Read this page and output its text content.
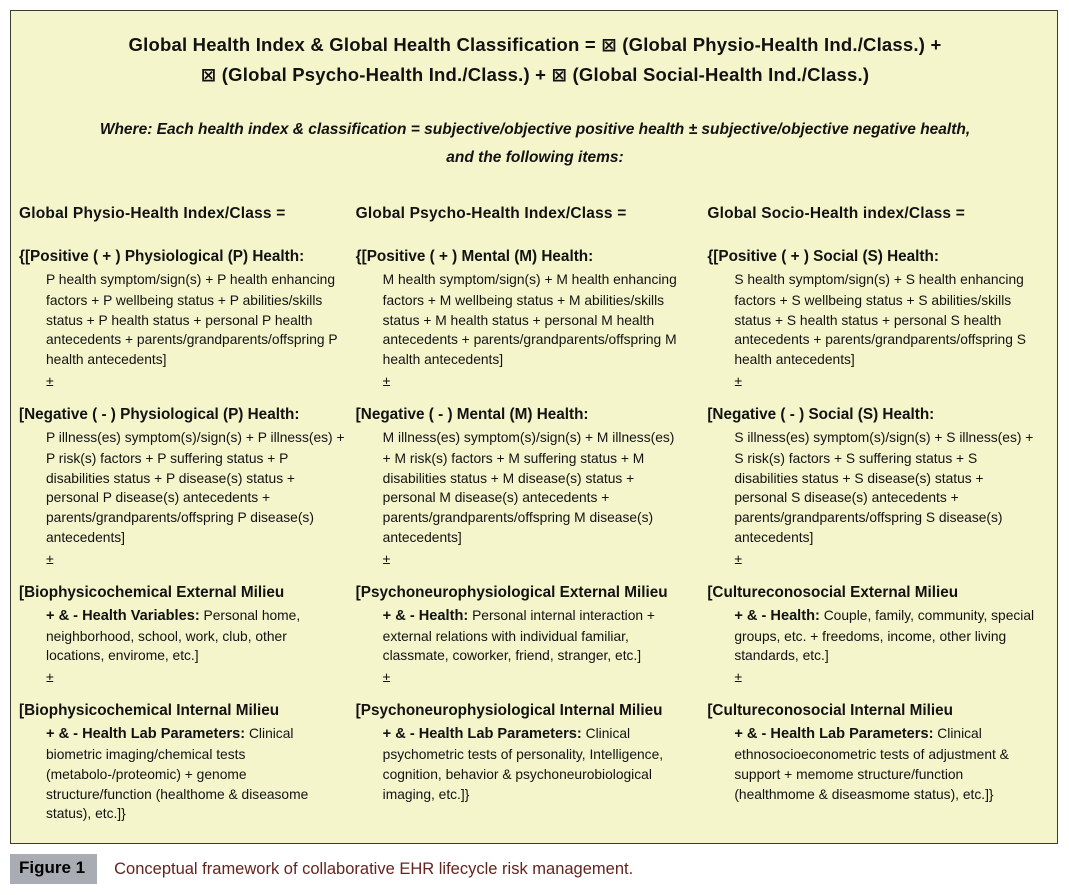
Global Health Index & Global Health Classification = ⊠ (Global Physio-Health Ind./Class.) +
⊠ (Global Psycho-Health Ind./Class.) + ⊠ (Global Social-Health Ind./Class.)
Where: Each health index & classification = subjective/objective positive health ± subjective/objective negative health,
and the following items:
Global Physio-Health Index/Class =
{[Positive ( + ) Physiological (P) Health:
P health symptom/sign(s) + P health enhancing factors + P wellbeing status + P abilities/skills status + P health status + personal P health antecedents + parents/grandparents/offspring P health antecedents]
±
[Negative ( - ) Physiological (P) Health:
P illness(es) symptom(s)/sign(s) + P illness(es) + P risk(s) factors + P suffering status + P disabilities status + P disease(s) status + personal P disease(s) antecedents + parents/grandparents/offspring P disease(s) antecedents]
±
[Biophysicochemical External Milieu
+ & - Health Variables: Personal home, neighborhood, school, work, club, other locations, envirome, etc.]
±
[Biophysicochemical Internal Milieu
+ & - Health Lab Parameters: Clinical biometric imaging/chemical tests (metabolo-/proteomic) + genome structure/function (healthome & diseasome status), etc.]}
Global Psycho-Health Index/Class =
{[Positive ( + ) Mental (M) Health:
M health symptom/sign(s) + M health enhancing factors + M wellbeing status + M abilities/skills status + M health status + personal M health antecedents + parents/grandparents/offspring M health antecedents]
±
[Negative ( - ) Mental (M) Health:
M illness(es) symptom(s)/sign(s) + M illness(es) + M risk(s) factors + M suffering status + M disabilities status + M disease(s) status + personal M disease(s) antecedents + parents/grandparents/offspring M disease(s) antecedents]
±
[Psychoneurophysiological External Milieu
+ & - Health: Personal internal interaction + external relations with individual familiar, classmate, coworker, friend, stranger, etc.]
±
[Psychoneurophysiological Internal Milieu
+ & - Health Lab Parameters: Clinical psychometric tests of personality, Intelligence, cognition, behavior & psychoneurobiological imaging, etc.]}
Global Socio-Health index/Class =
{[Positive ( + ) Social (S) Health:
S health symptom/sign(s) + S health enhancing factors + S wellbeing status + S abilities/skills status + S health status + personal S health antecedents + parents/grandparents/offspring S health antecedents]
±
[Negative ( - ) Social (S) Health:
S illness(es) symptom(s)/sign(s) + S illness(es) + S risk(s) factors + S suffering status + S disabilities status + S disease(s) status + personal S disease(s) antecedents + parents/grandparents/offspring S disease(s) antecedents]
±
[Cultureconosocial External Milieu
+ & - Health: Couple, family, community, special groups, etc. + freedoms, income, other living standards, etc.]
±
[Cultureconosocial Internal Milieu
+ & - Health Lab Parameters: Clinical ethnosocioeconometric tests of adjustment & support + memome structure/function (healthmome & diseasmome status), etc.]}
Figure 1	Conceptual framework of collaborative EHR lifecycle risk management.
